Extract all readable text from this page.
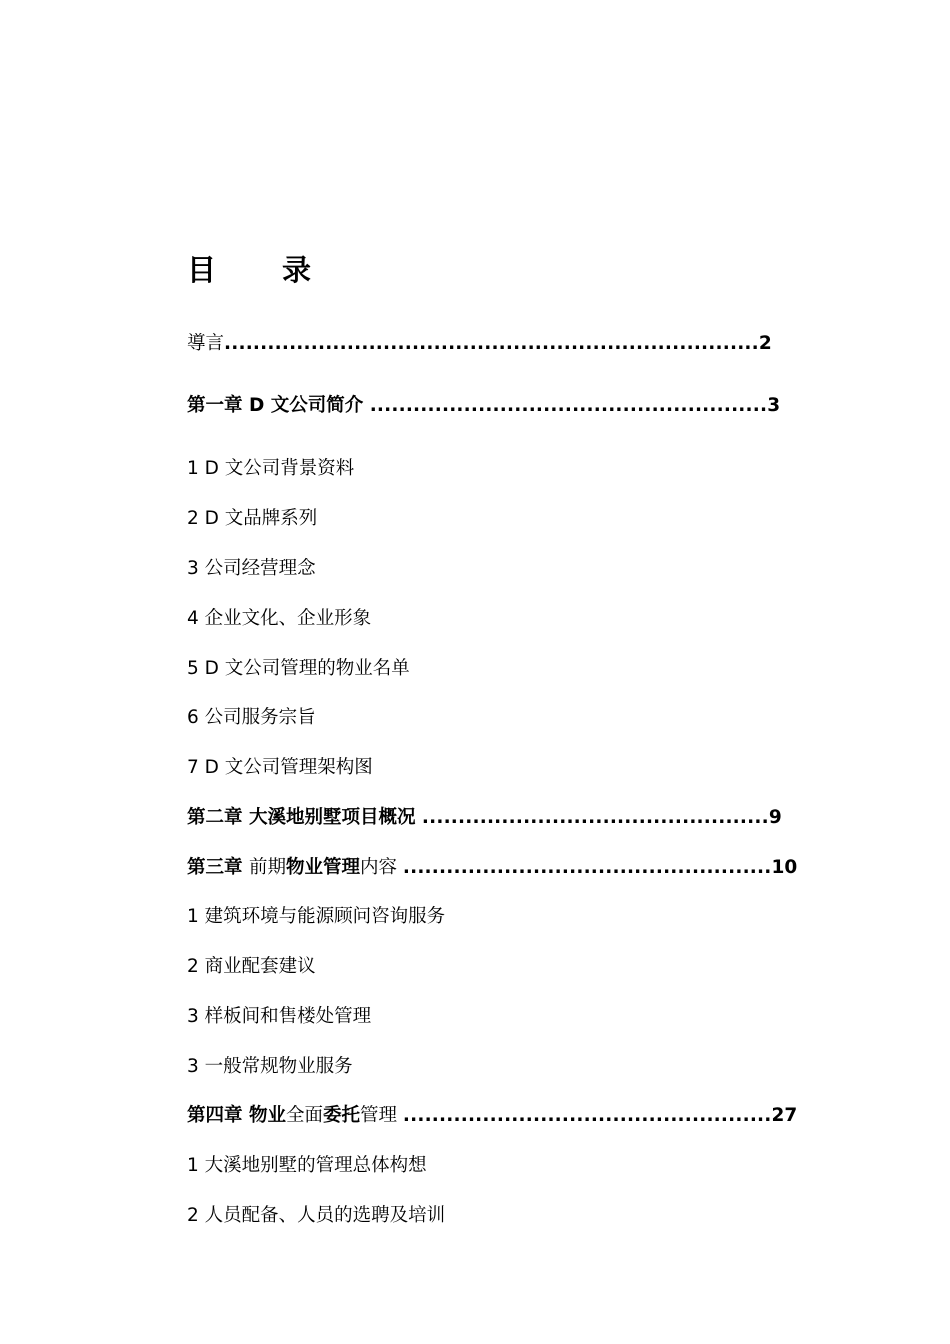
目 录
導言..........................................................................2
第一章 D 文公司简介 .......................................................3
1 D 文公司背景资料
2 D 文品牌系列
3 公司经营理念
4 企业文化、企业形象
5 D 文公司管理的物业名单
6 公司服务宗旨
7 D 文公司管理架构图
第二章 大溪地别墅项目概况 ................................................9
第三章 前期物业管理内容 ...................................................10
1 建筑环境与能源顾问咨询服务
2 商业配套建议
3 样板间和售楼处管理
3 一般常规物业服务
第四章 物业全面委托管理 ...................................................27
1 大溪地别墅的管理总体构想
2 人员配备、人员的选聘及培训
